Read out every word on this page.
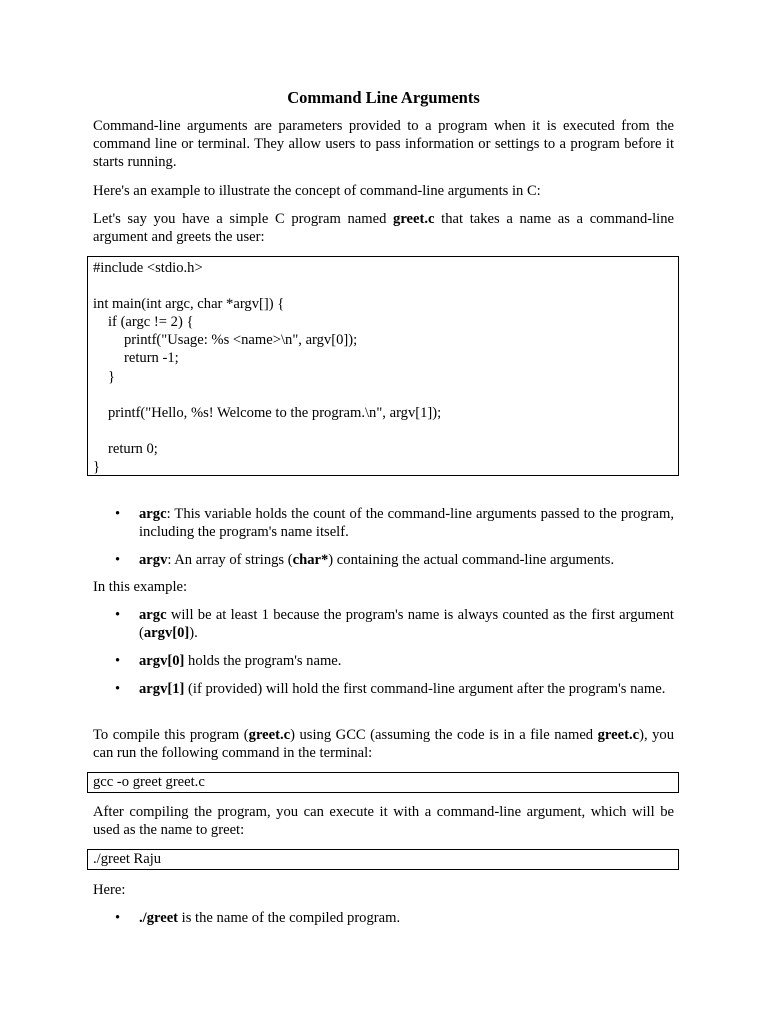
Command Line Arguments

Command-line arguments are parameters provided to a program when it is executed from the command line or terminal. They allow users to pass information or settings to a program before it starts running.

Here's an example to illustrate the concept of command-line arguments in C:

Let's say you have a simple C program named greet.c that takes a name as a command-line argument and greets the user:

#include <stdio.h>
int main(int argc, char *argv[]) {
if (argc != 2) {
printf("Usage: %s <name>\n", argv[0]);
return -1;
}
printf("Hello, %s! Welcome to the program.\n", argv[1]);
return 0;
}
•	argc: This variable holds the count of the command-line arguments passed to the program, including the program's name itself.
•	argv: An array of strings (char*) containing the actual command-line arguments.

In this example:

•	argc will be at least 1 because the program's name is always counted as the first argument (argv[0]).
•	argv[0] holds the program's name.
•	argv[1] (if provided) will hold the first command-line argument after the program's name.

To compile this program (greet.c) using GCC (assuming the code is in a file named greet.c), you can run the following command in the terminal:

gcc -o greet greet.c

After compiling the program, you can execute it with a command-line argument, which will be used as the name to greet:

./greet Raju

Here:

•	./greet is the name of the compiled program.
